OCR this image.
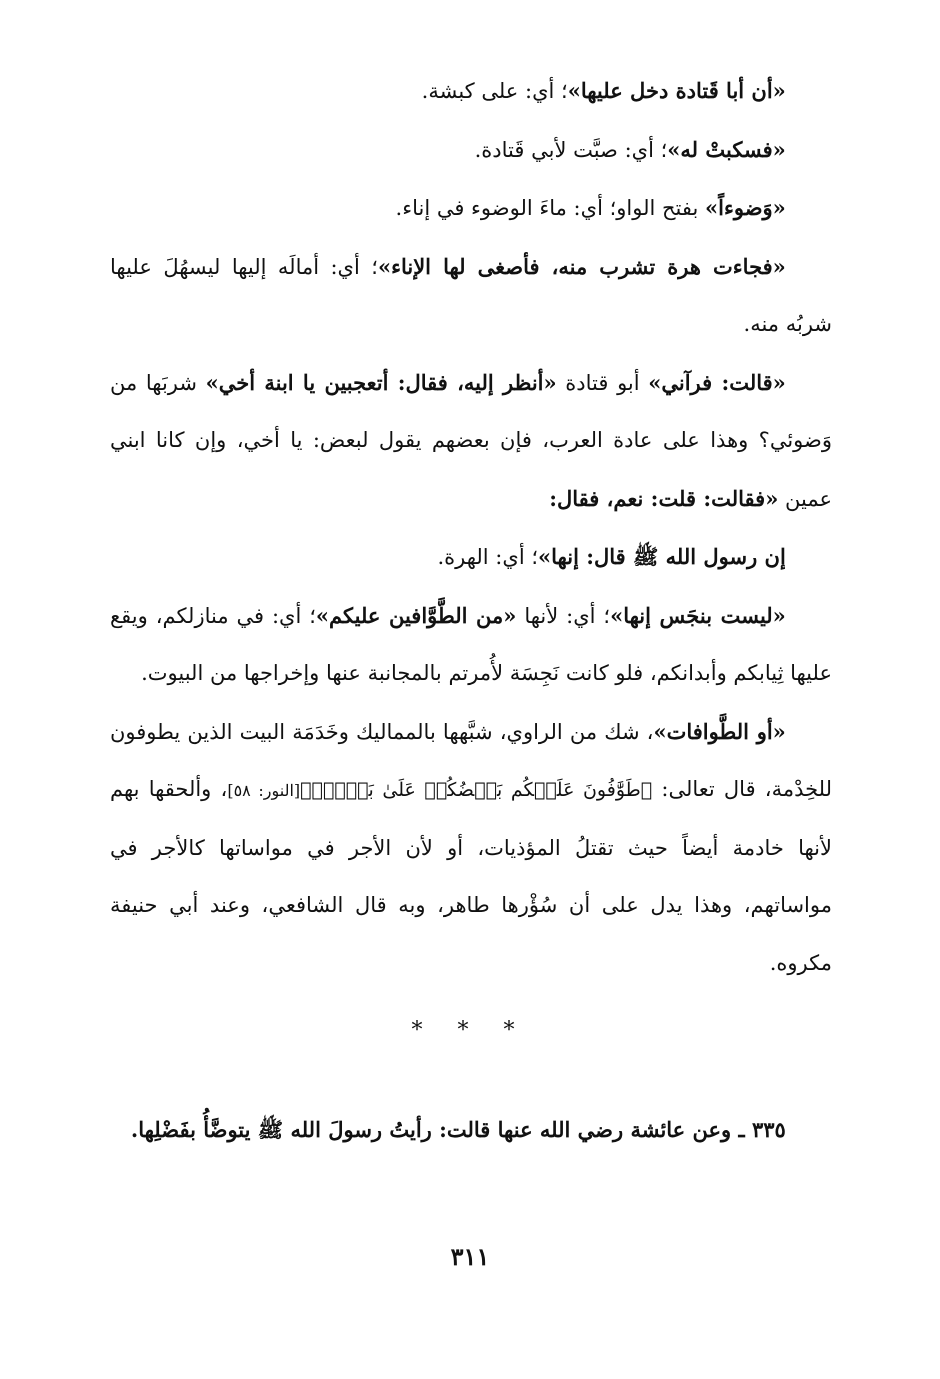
«أن أبا قَتادة دخل عليها»؛ أي: على كبشة.

«فسكبتْ له»؛ أي: صبَّت لأبي قَتادة.

«وَضوءاً» بفتح الواو؛ أي: ماءَ الوضوء في إناء.

«فجاءت هرة تشرب منه، فأصغى لها الإناء»؛ أي: أمالَه إليها ليسهُلَ عليها شربُه منه.

«قالت: فرآني» أبو قتادة «أنظر إليه، فقال: أتعجبين يا ابنة أخي» شربَها من وَضوئي؟ وهذا على عادة العرب، فإن بعضهم يقول لبعض: يا أخي، وإن كانا ابني عمين «فقالت: قلت: نعم، فقال:

إن رسول الله ﷺ قال: إنها»؛ أي: الهرة.

«ليست بنجَس إنها»؛ أي: لأنها «من الطَّوَّافين عليكم»؛ أي: في منازلكم، ويقع عليها ثِيابكم وأبدانكم، فلو كانت نَجِسَة لأُمرتم بالمجانبة عنها وإخراجها من البيوت.

«أو الطَّوافات»، شك من الراوي، شبَّهها بالمماليك وخَدَمَة البيت الذين يطوفون للخِدْمة، قال تعالى: ﴿طَوَّٰفُونَ عَلَيۡكُم بَعۡضُكُمۡ عَلَىٰ بَعۡضٖۚ﴾[النور: ٥٨]، وألحقها بهم لأنها خادمة أيضاً حيث تقتلُ المؤذيات، أو لأن الأجر في مواساتها كالأجر في مواساتهم، وهذا يدل على أن سُؤْرها طاهر، وبه قال الشافعي، وعند أبي حنيفة مكروه.

* * *

٣٣٥ ـ وعن عائشة رضي الله عنها قالت: رأيتُ رسولَ الله ﷺ يتوضَّأُ بفَضْلِها.

٣١١
